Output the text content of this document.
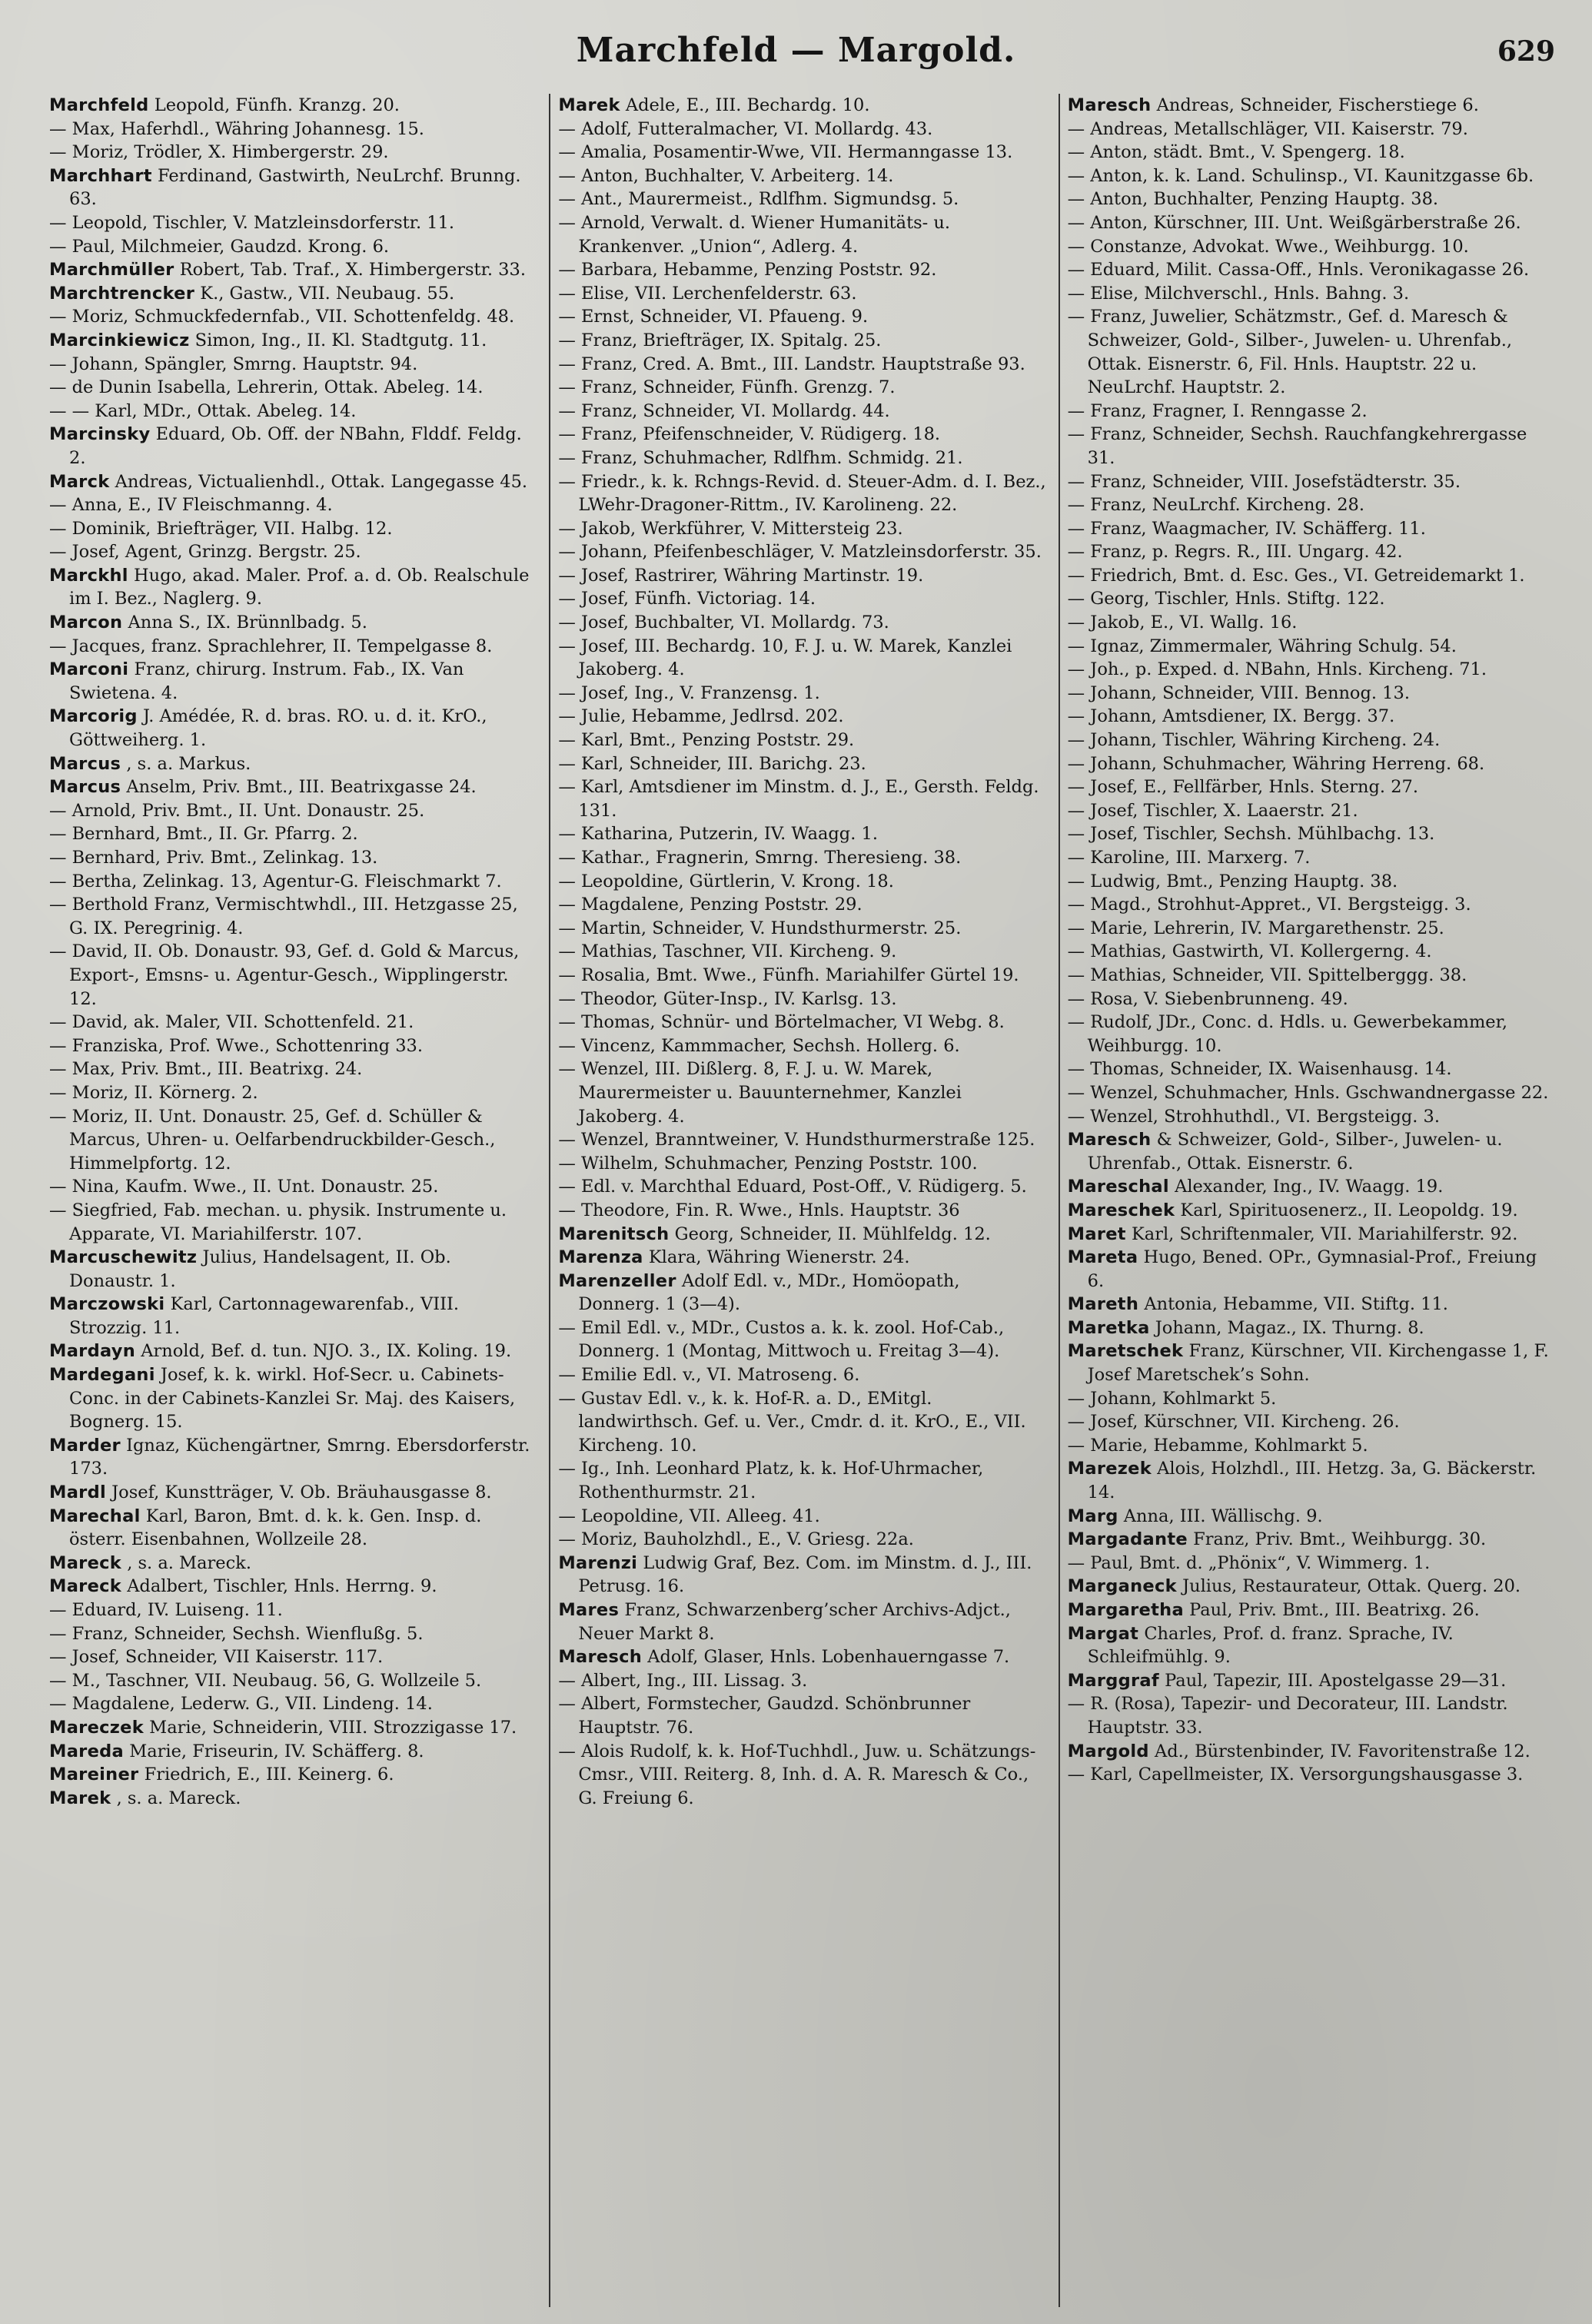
Marchfeld — Margold.	629

Marchfeld Leopold, Fünfh. Kranzg. 20.

— Max, Haferhdl., Währing Johannesg. 15.

— Moriz, Trödler, X. Himbergerstr. 29.

Marchhart Ferdinand, Gastwirth, NeuLrchf. Brunng. 63.

— Leopold, Tischler, V. Matzleinsdorferstr. 11.

— Paul, Milchmeier, Gaudzd. Krong. 6.

Marchmüller Robert, Tab. Traf., X. Himbergerstr. 33.

Marchtrencker K., Gastw., VII. Neubaug. 55.

— Moriz, Schmuckfedernfab., VII. Schottenfeldg. 48.

Marcinkiewicz Simon, Ing., II. Kl. Stadtgutg. 11.

— Johann, Spängler, Smrng. Hauptstr. 94.

— de Dunin Isabella, Lehrerin, Ottak. Abeleg. 14.

— — Karl, MDr., Ottak. Abeleg. 14.

Marcinsky Eduard, Ob. Off. der NBahn, Flddf. Feldg. 2.

Marck Andreas, Victualienhdl., Ottak. Langegasse 45.

— Anna, E., IV Fleischmanng. 4.

— Dominik, Briefträger, VII. Halbg. 12.

— Josef, Agent, Grinzg. Bergstr. 25.

Marckhl Hugo, akad. Maler. Prof. a. d. Ob. Realschule im I. Bez., Naglerg. 9.

Marcon Anna S., IX. Brünnlbadg. 5.

— Jacques, franz. Sprachlehrer, II. Tempelgasse 8.

Marconi Franz, chirurg. Instrum. Fab., IX. Van Swietena. 4.

Marcorig J. Amédée, R. d. bras. RO. u. d. it. KrO., Göttweiherg. 1.

Marcus , s. a. Markus.

Marcus Anselm, Priv. Bmt., III. Beatrixgasse 24.

— Arnold, Priv. Bmt., II. Unt. Donaustr. 25.

— Bernhard, Bmt., II. Gr. Pfarrg. 2.

— Bernhard, Priv. Bmt., Zelinkag. 13.

— Bertha, Zelinkag. 13, Agentur-G. Fleischmarkt 7.

— Berthold Franz, Vermischtwhdl., III. Hetzgasse 25, G. IX. Peregrinig. 4.

— David, II. Ob. Donaustr. 93, Gef. d. Gold & Marcus, Export-, Emsns- u. Agentur-Gesch., Wipplingerstr. 12.

— David, ak. Maler, VII. Schottenfeld. 21.

— Franziska, Prof. Wwe., Schottenring 33.

— Max, Priv. Bmt., III. Beatrixg. 24.

— Moriz, II. Körnerg. 2.

— Moriz, II. Unt. Donaustr. 25, Gef. d. Schüller & Marcus, Uhren- u. Oelfarbendruckbilder-Gesch., Himmelpfortg. 12.

— Nina, Kaufm. Wwe., II. Unt. Donaustr. 25.

— Siegfried, Fab. mechan. u. physik. Instrumente u. Apparate, VI. Mariahilferstr. 107.

Marcuschewitz Julius, Handelsagent, II. Ob. Donaustr. 1.

Marczowski Karl, Cartonnagewarenfab., VIII. Strozzig. 11.

Mardayn Arnold, Bef. d. tun. NJO. 3., IX. Koling. 19.

Mardegani Josef, k. k. wirkl. Hof-Secr. u. Cabinets-Conc. in der Cabinets-Kanzlei Sr. Maj. des Kaisers, Bognerg. 15.

Marder Ignaz, Küchengärtner, Smrng. Ebersdorferstr. 173.

Mardl Josef, Kunstträger, V. Ob. Bräuhausgasse 8.

Marechal Karl, Baron, Bmt. d. k. k. Gen. Insp. d. österr. Eisenbahnen, Wollzeile 28.

Mareck , s. a. Mareck.

Mareck Adalbert, Tischler, Hnls. Herrng. 9.

— Eduard, IV. Luiseng. 11.

— Franz, Schneider, Sechsh. Wienflußg. 5.

— Josef, Schneider, VII Kaiserstr. 117.

— M., Taschner, VII. Neubaug. 56, G. Wollzeile 5.

— Magdalene, Lederw. G., VII. Lindeng. 14.

Mareczek Marie, Schneiderin, VIII. Strozzigasse 17.

Mareda Marie, Friseurin, IV. Schäfferg. 8.

Mareiner Friedrich, E., III. Keinerg. 6.

Marek , s. a. Mareck.

Marek Adele, E., III. Bechardg. 10.

— Adolf, Futteralmacher, VI. Mollardg. 43.

— Amalia, Posamentir-Wwe, VII. Hermanngasse 13.

— Anton, Buchhalter, V. Arbeiterg. 14.

— Ant., Maurermeist., Rdlfhm. Sigmundsg. 5.

— Arnold, Verwalt. d. Wiener Humanitäts- u. Krankenver. „Union“, Adlerg. 4.

— Barbara, Hebamme, Penzing Poststr. 92.

— Elise, VII. Lerchenfelderstr. 63.

— Ernst, Schneider, VI. Pfaueng. 9.

— Franz, Briefträger, IX. Spitalg. 25.

— Franz, Cred. A. Bmt., III. Landstr. Hauptstraße 93.

— Franz, Schneider, Fünfh. Grenzg. 7.

— Franz, Schneider, VI. Mollardg. 44.

— Franz, Pfeifenschneider, V. Rüdigerg. 18.

— Franz, Schuhmacher, Rdlfhm. Schmidg. 21.

— Friedr., k. k. Rchngs-Revid. d. Steuer-Adm. d. I. Bez., LWehr-Dragoner-Rittm., IV. Karolineng. 22.

— Jakob, Werkführer, V. Mittersteig 23.

— Johann, Pfeifenbeschläger, V. Matzleinsdorferstr. 35.

— Josef, Rastrirer, Währing Martinstr. 19.

— Josef, Fünfh. Victoriag. 14.

— Josef, Buchbalter, VI. Mollardg. 73.

— Josef, III. Bechardg. 10, F. J. u. W. Marek, Kanzlei Jakoberg. 4.

— Josef, Ing., V. Franzensg. 1.

— Julie, Hebamme, Jedlrsd. 202.

— Karl, Bmt., Penzing Poststr. 29.

— Karl, Schneider, III. Barichg. 23.

— Karl, Amtsdiener im Minstm. d. J., E., Gersth. Feldg. 131.

— Katharina, Putzerin, IV. Waagg. 1.

— Kathar., Fragnerin, Smrng. Theresieng. 38.

— Leopoldine, Gürtlerin, V. Krong. 18.

— Magdalene, Penzing Poststr. 29.

— Martin, Schneider, V. Hundsthurmerstr. 25.

— Mathias, Taschner, VII. Kircheng. 9.

— Rosalia, Bmt. Wwe., Fünfh. Mariahilfer Gürtel 19.

— Theodor, Güter-Insp., IV. Karlsg. 13.

— Thomas, Schnür- und Börtelmacher, VI Webg. 8.

— Vincenz, Kammmacher, Sechsh. Hollerg. 6.

— Wenzel, III. Dißlerg. 8, F. J. u. W. Marek, Maurermeister u. Bauunternehmer, Kanzlei Jakoberg. 4.

— Wenzel, Branntweiner, V. Hundsthurmerstraße 125.

— Wilhelm, Schuhmacher, Penzing Poststr. 100.

— Edl. v. Marchthal Eduard, Post-Off., V. Rüdigerg. 5.

— Theodore, Fin. R. Wwe., Hnls. Hauptstr. 36

Marenitsch Georg, Schneider, II. Mühlfeldg. 12.

Marenza Klara, Währing Wienerstr. 24.

Marenzeller Adolf Edl. v., MDr., Homöopath, Donnerg. 1 (3—4).

— Emil Edl. v., MDr., Custos a. k. k. zool. Hof-Cab., Donnerg. 1 (Montag, Mittwoch u. Freitag 3—4).

— Emilie Edl. v., VI. Matroseng. 6.

— Gustav Edl. v., k. k. Hof-R. a. D., EMitgl. landwirthsch. Gef. u. Ver., Cmdr. d. it. KrO., E., VII. Kircheng. 10.

— Ig., Inh. Leonhard Platz, k. k. Hof-Uhrmacher, Rothenthurmstr. 21.

— Leopoldine, VII. Alleeg. 41.

— Moriz, Bauholzhdl., E., V. Griesg. 22a.

Marenzi Ludwig Graf, Bez. Com. im Minstm. d. J., III. Petrusg. 16.

Mares Franz, Schwarzenberg’scher Archivs-Adjct., Neuer Markt 8.

Maresch Adolf, Glaser, Hnls. Lobenhauerngasse 7.

— Albert, Ing., III. Lissag. 3.

— Albert, Formstecher, Gaudzd. Schönbrunner Hauptstr. 76.

— Alois Rudolf, k. k. Hof-Tuchhdl., Juw. u. Schätzungs-Cmsr., VIII. Reiterg. 8, Inh. d. A. R. Maresch & Co., G. Freiung 6.

Maresch Andreas, Schneider, Fischerstiege 6.

— Andreas, Metallschläger, VII. Kaiserstr. 79.

— Anton, städt. Bmt., V. Spengerg. 18.

— Anton, k. k. Land. Schulinsp., VI. Kaunitzgasse 6b.

— Anton, Buchhalter, Penzing Hauptg. 38.

— Anton, Kürschner, III. Unt. Weißgärberstraße 26.

— Constanze, Advokat. Wwe., Weihburgg. 10.

— Eduard, Milit. Cassa-Off., Hnls. Veronikagasse 26.

— Elise, Milchverschl., Hnls. Bahng. 3.

— Franz, Juwelier, Schätzmstr., Gef. d. Maresch & Schweizer, Gold-, Silber-, Juwelen- u. Uhrenfab., Ottak. Eisnerstr. 6, Fil. Hnls. Hauptstr. 22 u. NeuLrchf. Hauptstr. 2.

— Franz, Fragner, I. Renngasse 2.

— Franz, Schneider, Sechsh. Rauchfangkehrergasse 31.

— Franz, Schneider, VIII. Josefstädterstr. 35.

— Franz, NeuLrchf. Kircheng. 28.

— Franz, Waagmacher, IV. Schäfferg. 11.

— Franz, p. Regrs. R., III. Ungarg. 42.

— Friedrich, Bmt. d. Esc. Ges., VI. Getreidemarkt 1.

— Georg, Tischler, Hnls. Stiftg. 122.

— Jakob, E., VI. Wallg. 16.

— Ignaz, Zimmermaler, Währing Schulg. 54.

— Joh., p. Exped. d. NBahn, Hnls. Kircheng. 71.

— Johann, Schneider, VIII. Bennog. 13.

— Johann, Amtsdiener, IX. Bergg. 37.

— Johann, Tischler, Währing Kircheng. 24.

— Johann, Schuhmacher, Währing Herreng. 68.

— Josef, E., Fellfärber, Hnls. Sterng. 27.

— Josef, Tischler, X. Laaerstr. 21.

— Josef, Tischler, Sechsh. Mühlbachg. 13.

— Karoline, III. Marxerg. 7.

— Ludwig, Bmt., Penzing Hauptg. 38.

— Magd., Strohhut-Appret., VI. Bergsteigg. 3.

— Marie, Lehrerin, IV. Margarethenstr. 25.

— Mathias, Gastwirth, VI. Kollergerng. 4.

— Mathias, Schneider, VII. Spittelberggg. 38.

— Rosa, V. Siebenbrunneng. 49.

— Rudolf, JDr., Conc. d. Hdls. u. Gewerbekammer, Weihburgg. 10.

— Thomas, Schneider, IX. Waisenhausg. 14.

— Wenzel, Schuhmacher, Hnls. Gschwandnergasse 22.

— Wenzel, Strohhuthdl., VI. Bergsteigg. 3.

Maresch & Schweizer, Gold-, Silber-, Juwelen- u. Uhrenfab., Ottak. Eisnerstr. 6.

Mareschal Alexander, Ing., IV. Waagg. 19.

Mareschek Karl, Spirituosenerz., II. Leopoldg. 19.

Maret Karl, Schriftenmaler, VII. Mariahilferstr. 92.

Mareta Hugo, Bened. OPr., Gymnasial-Prof., Freiung 6.

Mareth Antonia, Hebamme, VII. Stiftg. 11.

Maretka Johann, Magaz., IX. Thurng. 8.

Maretschek Franz, Kürschner, VII. Kirchengasse 1, F. Josef Maretschek’s Sohn.

— Johann, Kohlmarkt 5.

— Josef, Kürschner, VII. Kircheng. 26.

— Marie, Hebamme, Kohlmarkt 5.

Marezek Alois, Holzhdl., III. Hetzg. 3a, G. Bäckerstr. 14.

Marg Anna, III. Wällischg. 9.

Margadante Franz, Priv. Bmt., Weihburgg. 30.

— Paul, Bmt. d. „Phönix“, V. Wimmerg. 1.

Marganeck Julius, Restaurateur, Ottak. Querg. 20.

Margaretha Paul, Priv. Bmt., III. Beatrixg. 26.

Margat Charles, Prof. d. franz. Sprache, IV. Schleifmühlg. 9.

Marggraf Paul, Tapezir, III. Apostelgasse 29—31.

— R. (Rosa), Tapezir- und Decorateur, III. Landstr. Hauptstr. 33.

Margold Ad., Bürstenbinder, IV. Favoritenstraße 12.

— Karl, Capellmeister, IX. Versorgungshausgasse 3.
